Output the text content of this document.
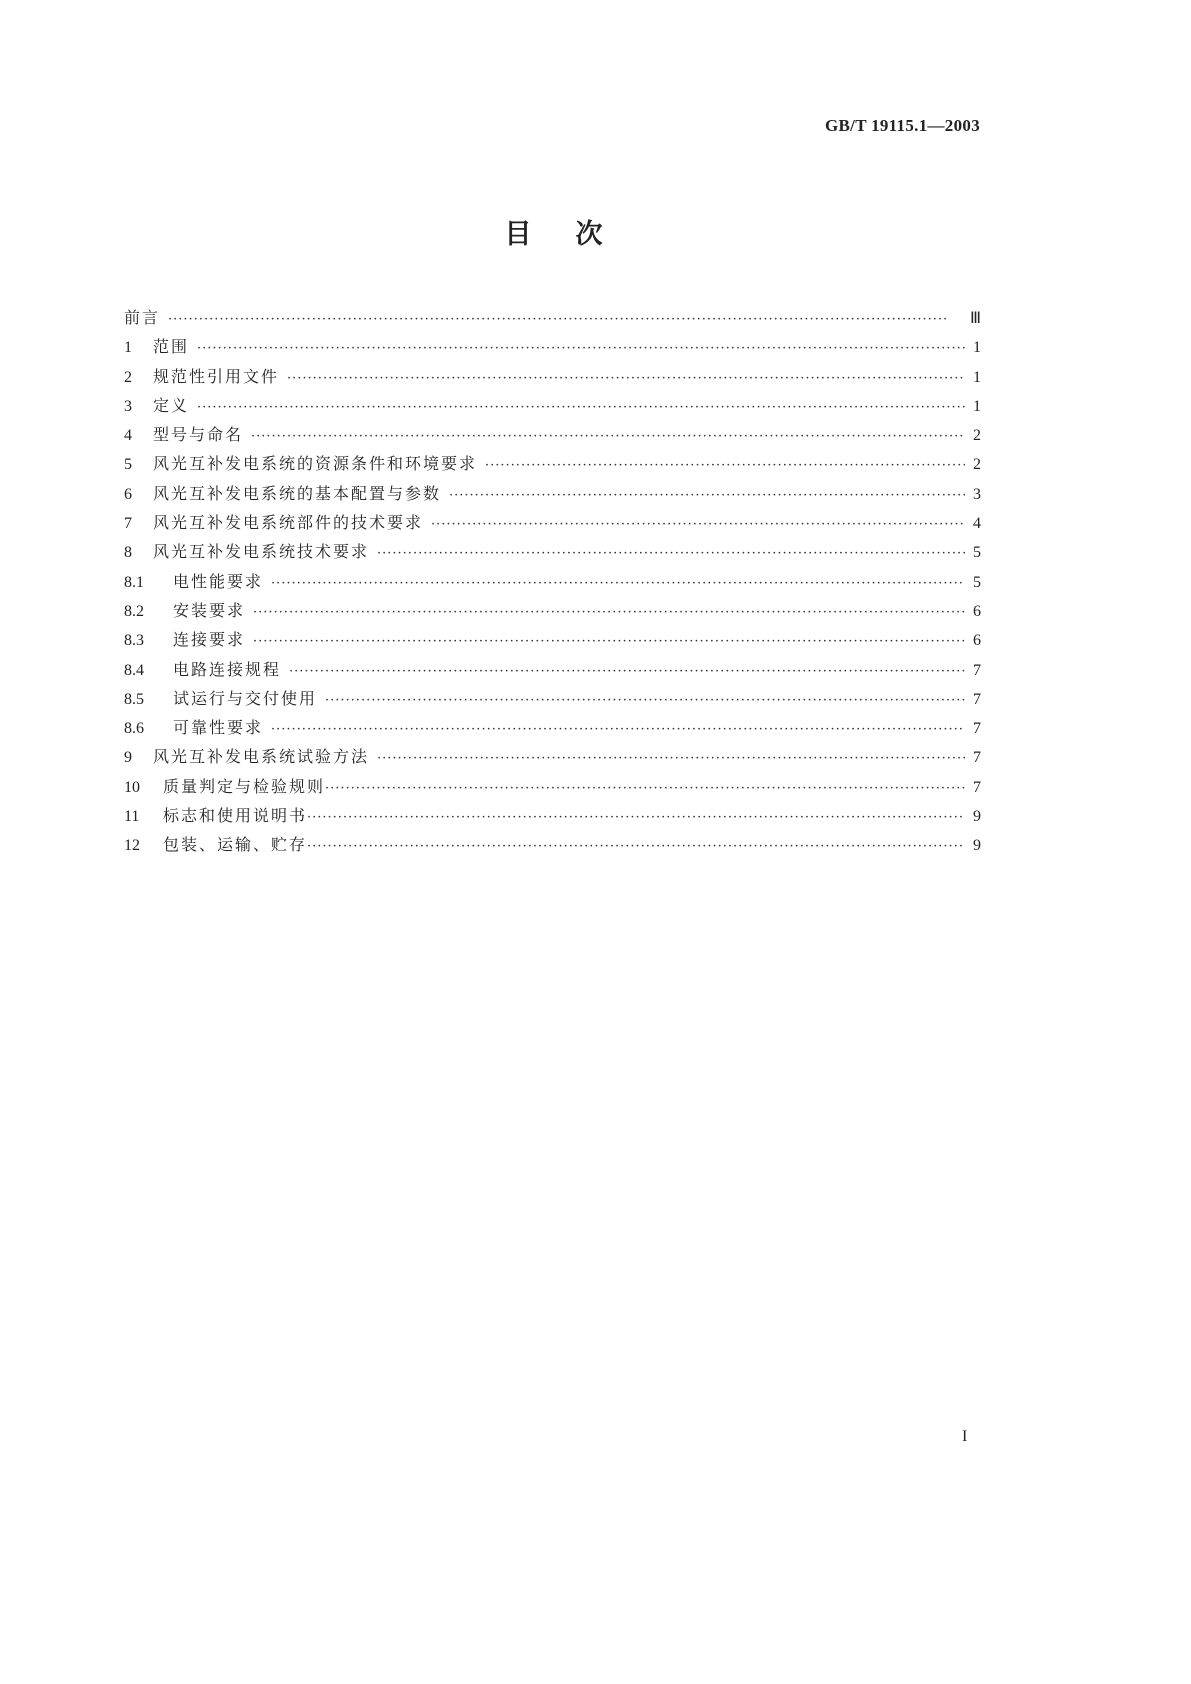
GB/T 19115.1—2003
目 次
前言 ·····	Ⅲ
1	范围 ·····	1
2	规范性引用文件 ·····	1
3	定义 ·····	1
4	型号与命名 ·····	2
5	风光互补发电系统的资源条件和环境要求 ·····	2
6	风光互补发电系统的基本配置与参数 ·····	3
7	风光互补发电系统部件的技术要求 ·····	4
8	风光互补发电系统技术要求 ·····	5
8.1	电性能要求 ·····	5
8.2	安装要求 ·····	6
8.3	连接要求 ·····	6
8.4	电路连接规程 ·····	7
8.5	试运行与交付使用 ·····	7
8.6	可靠性要求 ·····	7
9	风光互补发电系统试验方法 ·····	7
10	质量判定与检验规则 ·····	7
11	标志和使用说明书 ·····	9
12	包装、运输、贮存 ·····	9
I
